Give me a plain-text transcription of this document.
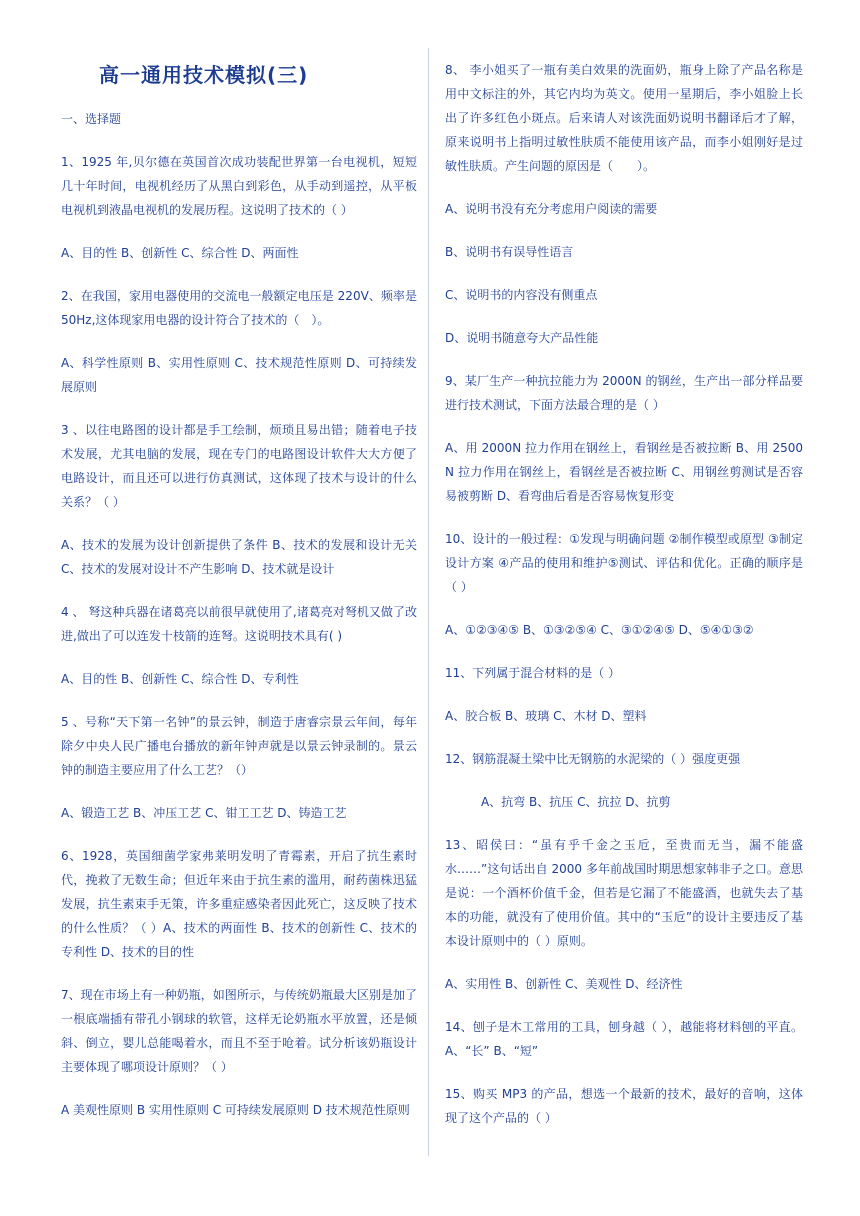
高一通用技术模拟(三)
一、选择题

1、1925 年,贝尔德在英国首次成功装配世界第一台电视机，短短几十年时间，电视机经历了从黑白到彩色，从手动到遥控，从平板电视机到液晶电视机的发展历程。这说明了技术的（ ）

A、目的性 B、创新性 C、综合性 D、两面性

2、在我国，家用电器使用的交流电一般额定电压是 220V、频率是 50Hz,这体现家用电器的设计符合了技术的（　）。

A、科学性原则 B、实用性原则 C、技术规范性原则 D、可持续发展原则

3 、以往电路图的设计都是手工绘制，烦琐且易出错；随着电子技术发展，尤其电脑的发展，现在专门的电路图设计软件大大方便了电路设计，而且还可以进行仿真测试，这体现了技术与设计的什么关系？（ ）

A、技术的发展为设计创新提供了条件 B、技术的发展和设计无关 C、技术的发展对设计不产生影响 D、技术就是设计

4 、 弩这种兵器在诸葛亮以前很早就使用了,诸葛亮对弩机又做了改进,做出了可以连发十枝箭的连弩。这说明技术具有( )

A、目的性 B、创新性 C、综合性 D、专利性

5 、号称“天下第一名钟”的景云钟，制造于唐睿宗景云年间，每年除夕中央人民广播电台播放的新年钟声就是以景云钟录制的。景云钟的制造主要应用了什么工艺？（）

A、锻造工艺 B、冲压工艺 C、钳工工艺 D、铸造工艺

6、1928，英国细菌学家弗莱明发明了青霉素，开启了抗生素时代，挽救了无数生命；但近年来由于抗生素的滥用，耐药菌株迅猛发展，抗生素束手无策，许多重症感染者因此死亡，这反映了技术的什么性质？（ ）A、技术的两面性 B、技术的创新性 C、技术的专利性 D、技术的目的性

7、现在市场上有一种奶瓶，如图所示，与传统奶瓶最大区别是加了一根底端插有带孔小钢球的软管，这样无论奶瓶水平放置，还是倾斜、倒立，婴儿总能喝着水，而且不至于呛着。试分析该奶瓶设计主要体现了哪项设计原则？（ ）

A 美观性原则 B 实用性原则 C 可持续发展原则 D 技术规范性原则

8、 李小姐买了一瓶有美白效果的洗面奶，瓶身上除了产品名称是用中文标注的外，其它内均为英文。使用一星期后，李小姐脸上长出了许多红色小斑点。后来请人对该洗面奶说明书翻译后才了解，原来说明书上指明过敏性肤质不能使用该产品，而李小姐刚好是过敏性肤质。产生问题的原因是（　　）。

A、说明书没有充分考虑用户阅读的需要

B、说明书有误导性语言

C、说明书的内容没有侧重点

D、说明书随意夸大产品性能

9、某厂生产一种抗拉能力为 2000N 的钢丝，生产出一部分样品要进行技术测试，下面方法最合理的是（ ）

A、用 2000N 拉力作用在钢丝上，看钢丝是否被拉断 B、用 2500N 拉力作用在钢丝上，看钢丝是否被拉断 C、用钢丝剪测试是否容易被剪断 D、看弯曲后看是否容易恢复形变

10、设计的一般过程：①发现与明确问题 ②制作模型或原型 ③制定设计方案 ④产品的使用和维护⑤测试、评估和优化。正确的顺序是（ ）

A、①②③④⑤ B、①③②⑤④ C、③①②④⑤ D、⑤④①③②

11、下列属于混合材料的是（ ）

A、胶合板 B、玻璃 C、木材 D、塑料

12、钢筋混凝土梁中比无钢筋的水泥梁的（ ）强度更强

A、抗弯 B、抗压 C、抗拉 D、抗剪

13、昭侯曰：“虽有乎千金之玉卮，至贵而无当，漏不能盛水……”这句话出自 2000 多年前战国时期思想家韩非子之口。意思是说：一个酒杯价值千金，但若是它漏了不能盛酒，也就失去了基本的功能，就没有了使用价值。其中的“玉卮”的设计主要违反了基本设计原则中的（ ）原则。

A、实用性 B、创新性 C、美观性 D、经济性

14、刨子是木工常用的工具，刨身越（ ），越能将材料刨的平直。A、“长” B、“短”

15、购买 MP3 的产品，想选一个最新的技术，最好的音响，这体现了这个产品的（ ）
